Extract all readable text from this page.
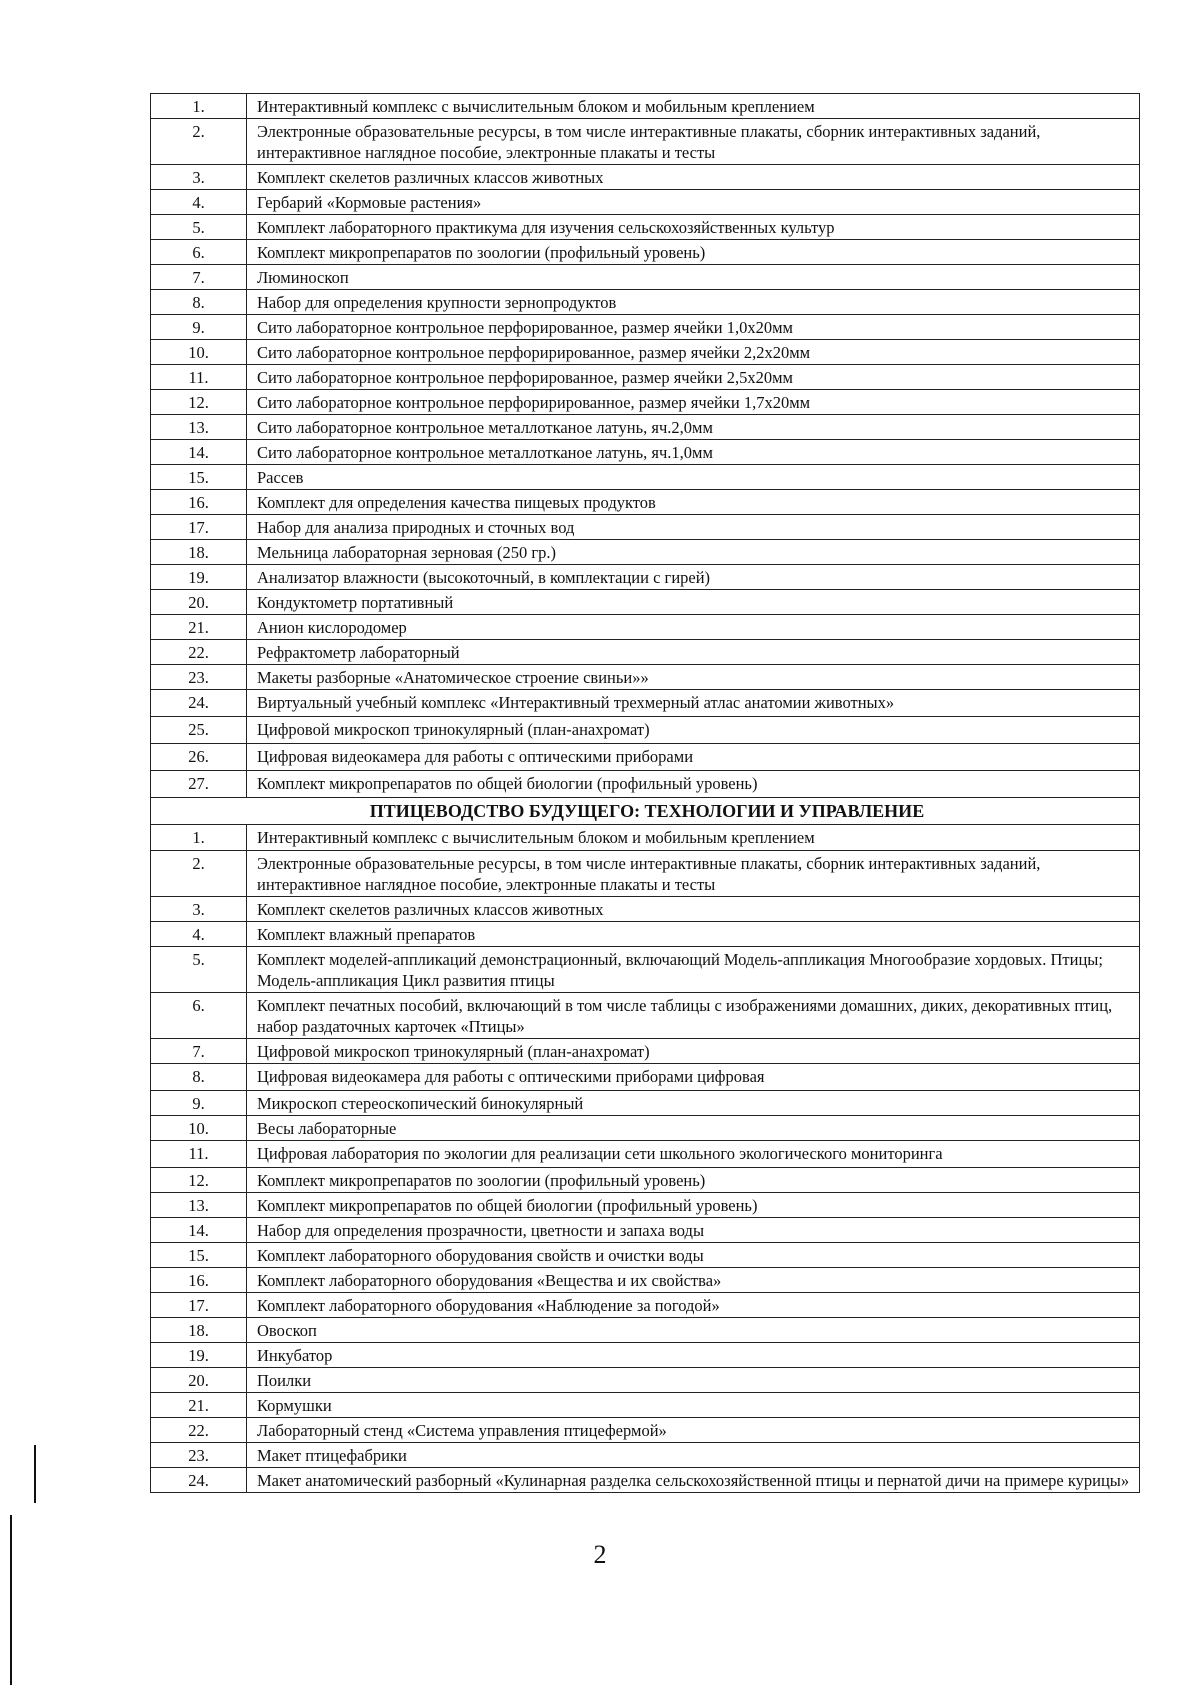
1.	Интерактивный комплекс с вычислительным блоком и мобильным креплением
2.	Электронные образовательные ресурсы, в том числе интерактивные плакаты, сборник интерактивных заданий, интерактивное наглядное пособие, электронные плакаты и тесты
3.	Комплект скелетов различных классов животных
4.	Гербарий «Кормовые растения»
5.	Комплект лабораторного практикума для изучения сельскохозяйственных культур
6.	Комплект микропрепаратов по зоологии (профильный уровень)
7.	Люминоскоп
8.	Набор для определения крупности зернопродуктов
9.	Сито лабораторное контрольное перфорированное, размер ячейки 1,0х20мм
10.	Сито лабораторное контрольное перфорирированное, размер ячейки 2,2х20мм
11.	Сито лабораторное контрольное перфорированное, размер ячейки 2,5х20мм
12.	Сито лабораторное контрольное перфорирированное, размер ячейки 1,7х20мм
13.	Сито лабораторное контрольное металлотканое латунь, яч.2,0мм
14.	Сито лабораторное контрольное металлотканое латунь, яч.1,0мм
15.	Рассев
16.	Комплект для определения качества пищевых продуктов
17.	Набор для анализа природных и сточных вод
18.	Мельница лабораторная зерновая (250 гр.)
19.	Анализатор влажности (высокоточный, в комплектации с гирей)
20.	Кондуктометр портативный
21.	Анион кислородомер
22.	Рефрактометр лабораторный
23.	Макеты разборные «Анатомическое строение свиньи»»
24.	Виртуальный учебный комплекс «Интерактивный трехмерный атлас анатомии животных»
25.	Цифровой микроскоп тринокулярный (план-анахромат)
26.	Цифровая видеокамера для работы с оптическими приборами
27.	Комплект микропрепаратов по общей биологии (профильный уровень)
ПТИЦЕВОДСТВО БУДУЩЕГО: ТЕХНОЛОГИИ И УПРАВЛЕНИЕ	
1.	Интерактивный комплекс с вычислительным блоком и мобильным креплением
2.	Электронные образовательные ресурсы, в том числе интерактивные плакаты, сборник интерактивных заданий, интерактивное наглядное пособие, электронные плакаты и тесты
3.	Комплект скелетов различных классов животных
4.	Комплект влажный препаратов
5.	Комплект моделей-аппликаций демонстрационный, включающий Модель-аппликация Многообразие хордовых. Птицы; Модель-аппликация Цикл развития птицы
6.	Комплект печатных пособий, включающий в том числе таблицы с изображениями домашних, диких, декоративных птиц, набор раздаточных карточек «Птицы»
7.	Цифровой микроскоп тринокулярный (план-анахромат)
8.	Цифровая видеокамера для работы с оптическими приборами цифровая
9.	Микроскоп стереоскопический бинокулярный
10.	Весы лабораторные
11.	Цифровая лаборатория по экологии для реализации сети школьного экологического мониторинга
12.	Комплект микропрепаратов по зоологии (профильный уровень)
13.	Комплект микропрепаратов по общей биологии (профильный уровень)
14.	Набор для определения прозрачности, цветности и запаха воды
15.	Комплект лабораторного оборудования свойств и очистки воды
16.	Комплект лабораторного оборудования «Вещества и их свойства»
17.	Комплект лабораторного оборудования «Наблюдение за погодой»
18.	Овоскоп
19.	Инкубатор
20.	Поилки
21.	Кормушки
22.	Лабораторный стенд «Система управления птицефермой»
23.	Макет птицефабрики
24.	Макет анатомический разборный «Кулинарная разделка сельскохозяйственной птицы и пернатой дичи на примере курицы»
2
